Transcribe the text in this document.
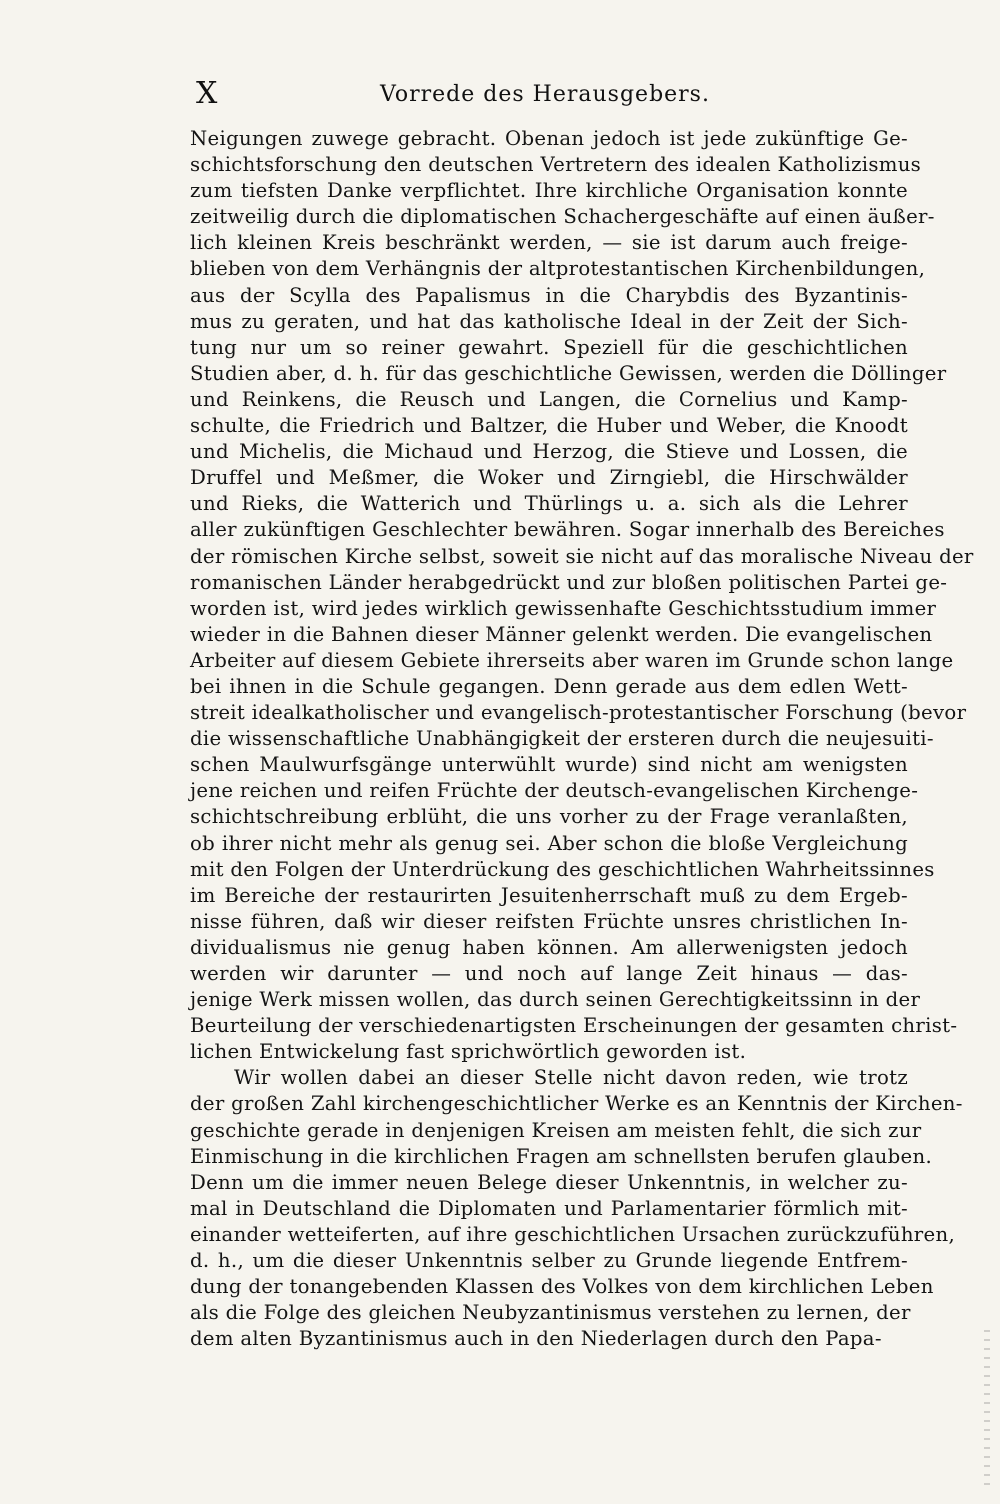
X	Vorrede des Herausgebers.
Neigungen zuwege gebracht. Obenan jedoch ist jede zukünftige Ge-
schichtsforschung den deutschen Vertretern des idealen Katholizismus
zum tiefsten Danke verpflichtet. Ihre kirchliche Organisation konnte
zeitweilig durch die diplomatischen Schachergeschäfte auf einen äußer-
lich kleinen Kreis beschränkt werden, — sie ist darum auch freige-
blieben von dem Verhängnis der altprotestantischen Kirchenbildungen,
aus der Scylla des Papalismus in die Charybdis des Byzantinis-
mus zu geraten, und hat das katholische Ideal in der Zeit der Sich-
tung nur um so reiner gewahrt. Speziell für die geschichtlichen
Studien aber, d. h. für das geschichtliche Gewissen, werden die Döllinger
und Reinkens, die Reusch und Langen, die Cornelius und Kamp-
schulte, die Friedrich und Baltzer, die Huber und Weber, die Knoodt
und Michelis, die Michaud und Herzog, die Stieve und Lossen, die
Druffel und Meßmer, die Woker und Zirngiebl, die Hirschwälder
und Rieks, die Watterich und Thürlings u. a. sich als die Lehrer
aller zukünftigen Geschlechter bewähren. Sogar innerhalb des Bereiches
der römischen Kirche selbst, soweit sie nicht auf das moralische Niveau der
romanischen Länder herabgedrückt und zur bloßen politischen Partei ge-
worden ist, wird jedes wirklich gewissenhafte Geschichtsstudium immer
wieder in die Bahnen dieser Männer gelenkt werden. Die evangelischen
Arbeiter auf diesem Gebiete ihrerseits aber waren im Grunde schon lange
bei ihnen in die Schule gegangen. Denn gerade aus dem edlen Wett-
streit idealkatholischer und evangelisch-protestantischer Forschung (bevor
die wissenschaftliche Unabhängigkeit der ersteren durch die neujesuiti-
schen Maulwurfsgänge unterwühlt wurde) sind nicht am wenigsten
jene reichen und reifen Früchte der deutsch-evangelischen Kirchenge-
schichtschreibung erblüht, die uns vorher zu der Frage veranlaßten,
ob ihrer nicht mehr als genug sei. Aber schon die bloße Vergleichung
mit den Folgen der Unterdrückung des geschichtlichen Wahrheitssinnes
im Bereiche der restaurirten Jesuitenherrschaft muß zu dem Ergeb-
nisse führen, daß wir dieser reifsten Früchte unsres christlichen In-
dividualismus nie genug haben können. Am allerwenigsten jedoch
werden wir darunter — und noch auf lange Zeit hinaus — das-
jenige Werk missen wollen, das durch seinen Gerechtigkeitssinn in der
Beurteilung der verschiedenartigsten Erscheinungen der gesamten christ-
lichen Entwickelung fast sprichwörtlich geworden ist.
Wir wollen dabei an dieser Stelle nicht davon reden, wie trotz
der großen Zahl kirchengeschichtlicher Werke es an Kenntnis der Kirchen-
geschichte gerade in denjenigen Kreisen am meisten fehlt, die sich zur
Einmischung in die kirchlichen Fragen am schnellsten berufen glauben.
Denn um die immer neuen Belege dieser Unkenntnis, in welcher zu-
mal in Deutschland die Diplomaten und Parlamentarier förmlich mit-
einander wetteiferten, auf ihre geschichtlichen Ursachen zurückzuführen,
d. h., um die dieser Unkenntnis selber zu Grunde liegende Entfrem-
dung der tonangebenden Klassen des Volkes von dem kirchlichen Leben
als die Folge des gleichen Neubyzantinismus verstehen zu lernen, der
dem alten Byzantinismus auch in den Niederlagen durch den Papa-
